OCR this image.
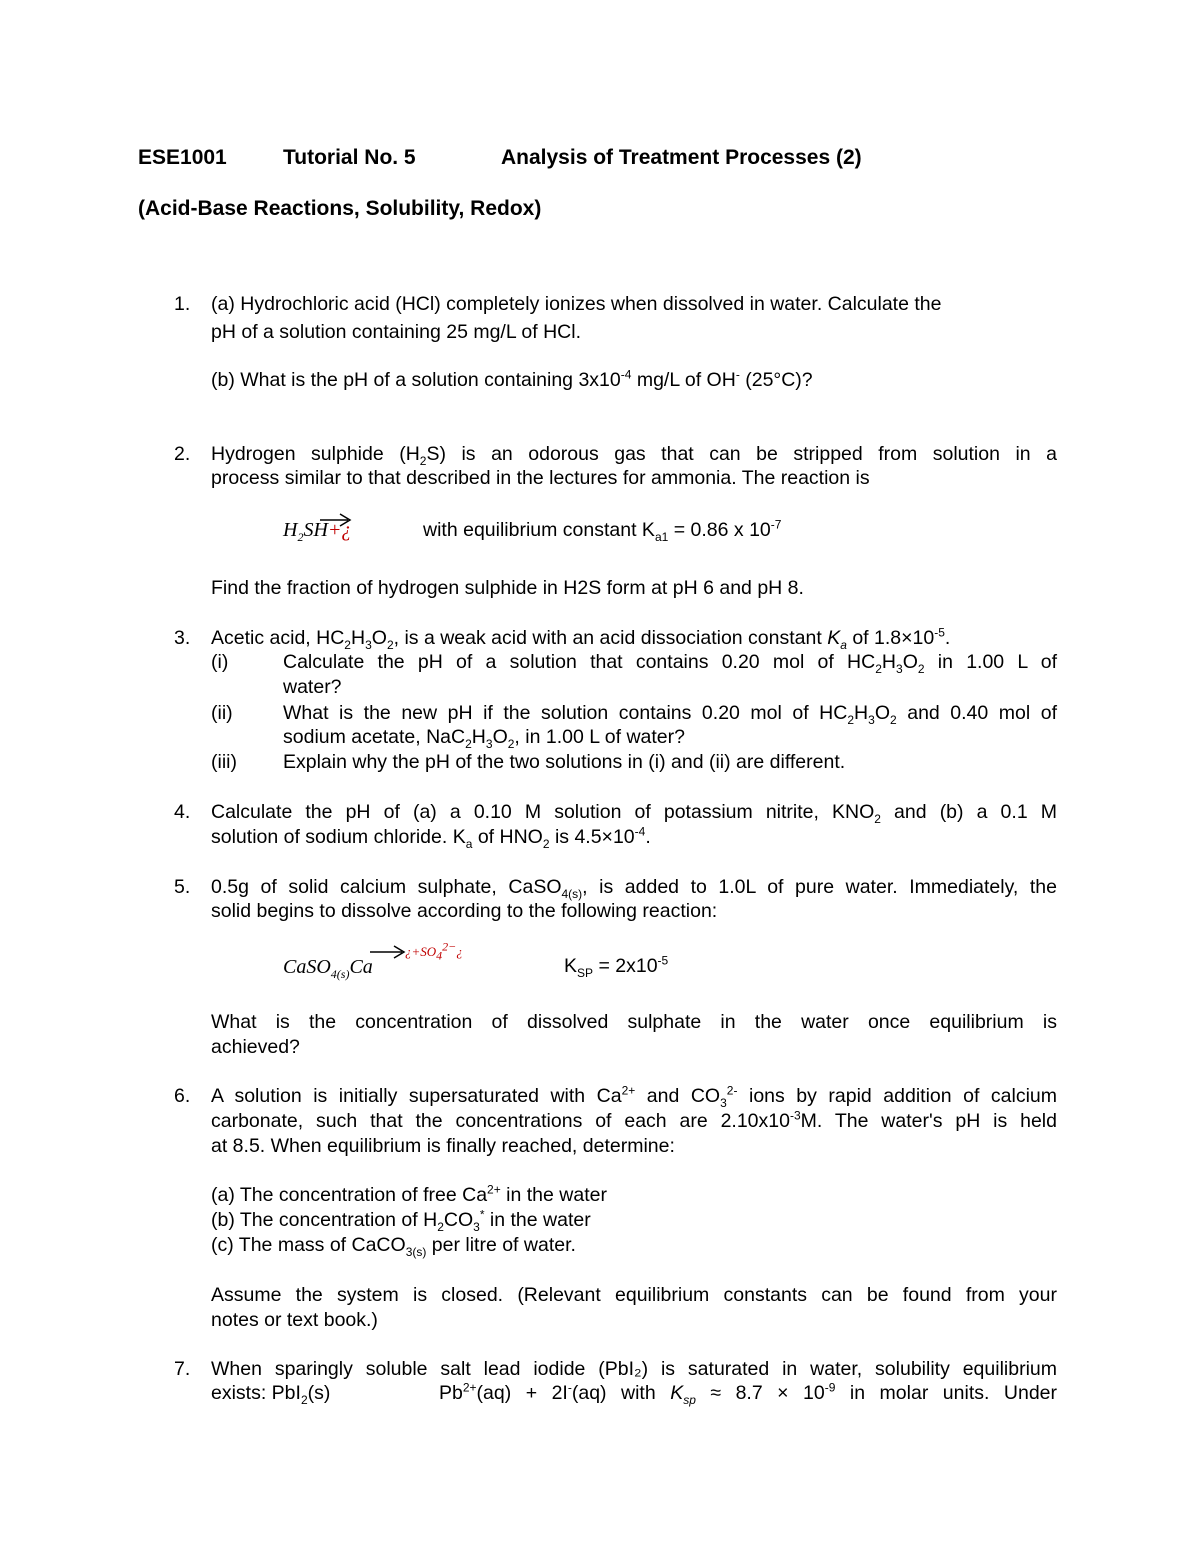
ESE1001	Tutorial No. 5	Analysis of Treatment Processes (2)
(Acid-Base Reactions, Solubility, Redox)
1. (a) Hydrochloric acid (HCl) completely ionizes when dissolved in water. Calculate the
pH of a solution containing 25 mg/L of HCl.
(b) What is the pH of a solution containing $3x10^{-4}$ mg/L of OH- (25°C)?
2. Hydrogen sulphide $(H_2S)$ is an odorous gas that can be stripped from solution in a
process similar to that described in the lectures for ammonia. The reaction is
$H_2SH+¿$	with equilibrium constant $K_{a1} = 0.86$ x $10^{-7}$
Find the fraction of hydrogen sulphide in H2S form at pH 6 and pH 8.
3. Acetic acid, $HC_2H_3O_2$, is a weak acid with an acid dissociation constant $K_a$ of $1.8\times 10^{-5}$.
(i)	Calculate the pH of a solution that contains 0.20 mol of $HC_2H_3O_2$ in 1.00 L of
water?
(ii)	What is the new pH if the solution contains 0.20 mol of $HC_2H_3O_2$ and 0.40 mol of
sodium acetate, $NaC_2H_3O_2$, in 1.00 L of water?
(iii) Explain why the pH of the two solutions in (i) and (ii) are different.
4. Calculate the pH of (a) a 0.10 M solution of potassium nitrite, $KNO_2$ and (b) a 0.1 M
solution of sodium chloride. $K_a$ of $HNO_2$ is $4.5\times 10^{-4}$.
5. 0.5g of solid calcium sulphate, CaSO$_{4(s)}$, is added to 1.0L of pure water. Immediately, the
solid begins to dissolve according to the following reaction:
CaSO$_{4(s)}$Ca
¿$+SO_4^{2-}¿$
$K_{SP} = 2x10^{-5}$
What is the concentration of dissolved sulphate in the water once equilibrium is
achieved?
6. A solution is initially supersaturated with $Ca^{2+}$ and $CO_3^{2-}$ ions by rapid addition of calcium
carbonate, such that the concentrations of each are $2.10x10^{-3}M$. The water's pH is held
at 8.5. When equilibrium is finally reached, determine:
(a) The concentration of free $Ca^{2+}$ in the water
(b) The concentration of $H_2CO_3^*$ in the water
(c) The mass of CaCO$_{3(s)}$ per litre of water.
Assume the system is closed. (Relevant equilibrium constants can be found from your
notes or text book.)
7. When sparingly soluble salt lead iodide (PbI₂) is saturated in water, solubility equilibrium
exists: PbI$_2$(s)	$Pb^{2+}(aq) + 2I^-(aq)$ with $K_{sp} \approx 8.7 \times 10^{-9}$ in molar units. Under
